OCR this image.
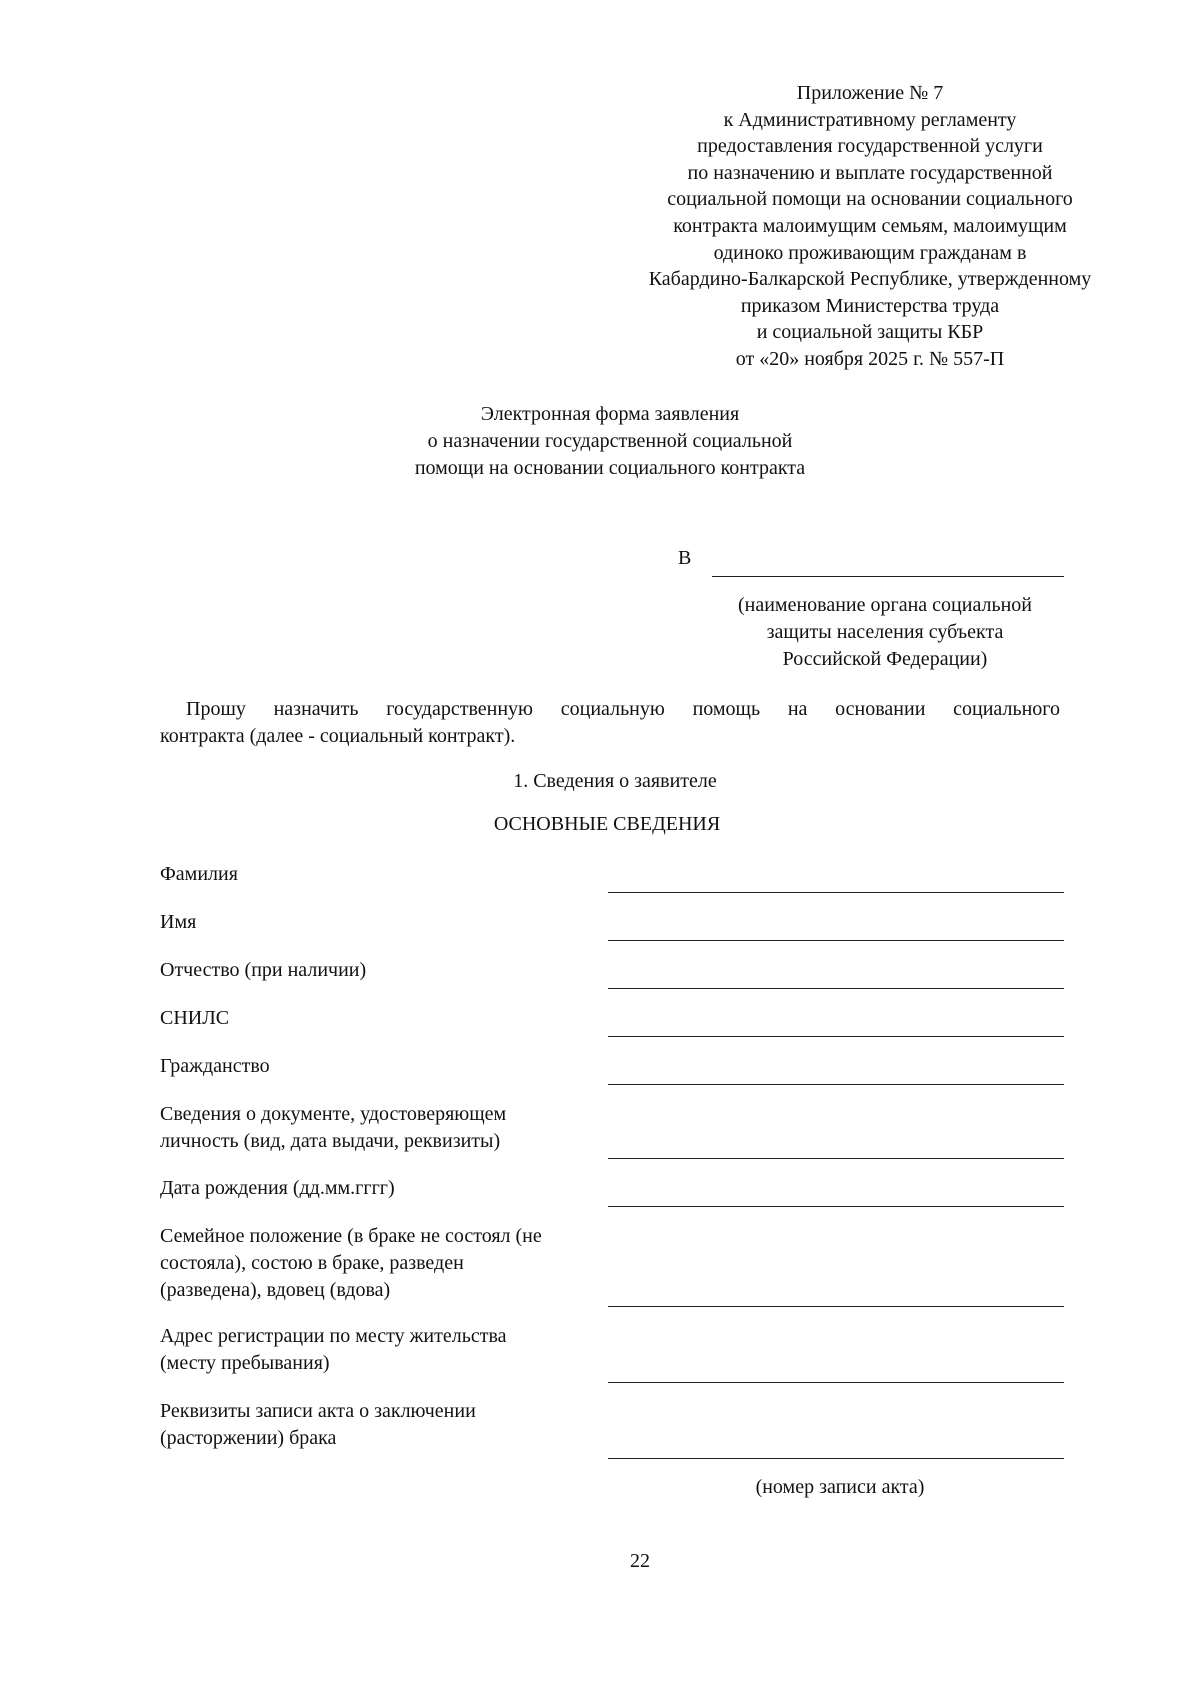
Приложение № 7
к Административному регламенту
предоставления государственной услуги
по назначению и выплате государственной
социальной помощи на основании социального
контракта малоимущим семьям, малоимущим
одиноко проживающим гражданам в
Кабардино-Балкарской Республике, утвержденному
приказом Министерства труда
и социальной защиты КБР
от «20» ноября 2025 г. № 557-П
Электронная форма заявления
о назначении государственной социальной
помощи на основании социального контракта
В
(наименование органа социальной
защиты населения субъекта
Российской Федерации)
Прошу назначить государственную социальную помощь на основании социального
контракта (далее - социальный контракт).
1. Сведения о заявителе
ОСНОВНЫЕ СВЕДЕНИЯ
Фамилия
Имя
Отчество (при наличии)
СНИЛС
Гражданство
Сведения о документе, удостоверяющем
личность (вид, дата выдачи, реквизиты)
Дата рождения (дд.мм.гггг)
Семейное положение (в браке не состоял (не
состояла), состою в браке, разведен
(разведена), вдовец (вдова)
Адрес регистрации по месту жительства
(месту пребывания)
Реквизиты записи акта о заключении
(расторжении) брака
(номер записи акта)
22
